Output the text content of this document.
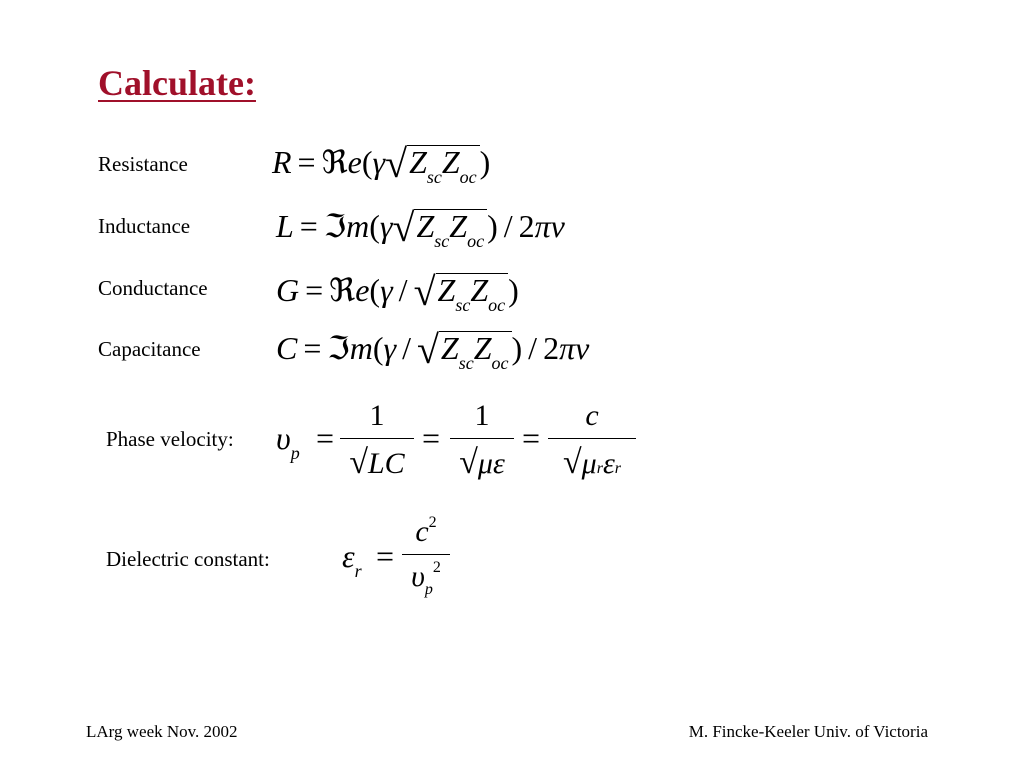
Calculate:
Resistance
Inductance
Conductance
Capacitance
Phase velocity:
Dielectric constant:
$R = ℜe(\gamma√Z_{sc}Z_{oc})$
$L = ℑm(\gamma√Z_{sc}Z_{oc}) / 2\pi\nu$
G = ℜe(γ / $√Z_{sc}Z_{oc}$)
C = ℑm(γ / $√Z_{sc}Z_{oc}) / 2\pi\nu$
$\upsilon_p$ =
1
√LC
=
1
√με
=
c
√μrεr
$\varepsilon_r$ =
$c^2$
$\upsilon_p^2$
LArg week Nov. 2002	M. Fincke-Keeler Univ. of Victoria
